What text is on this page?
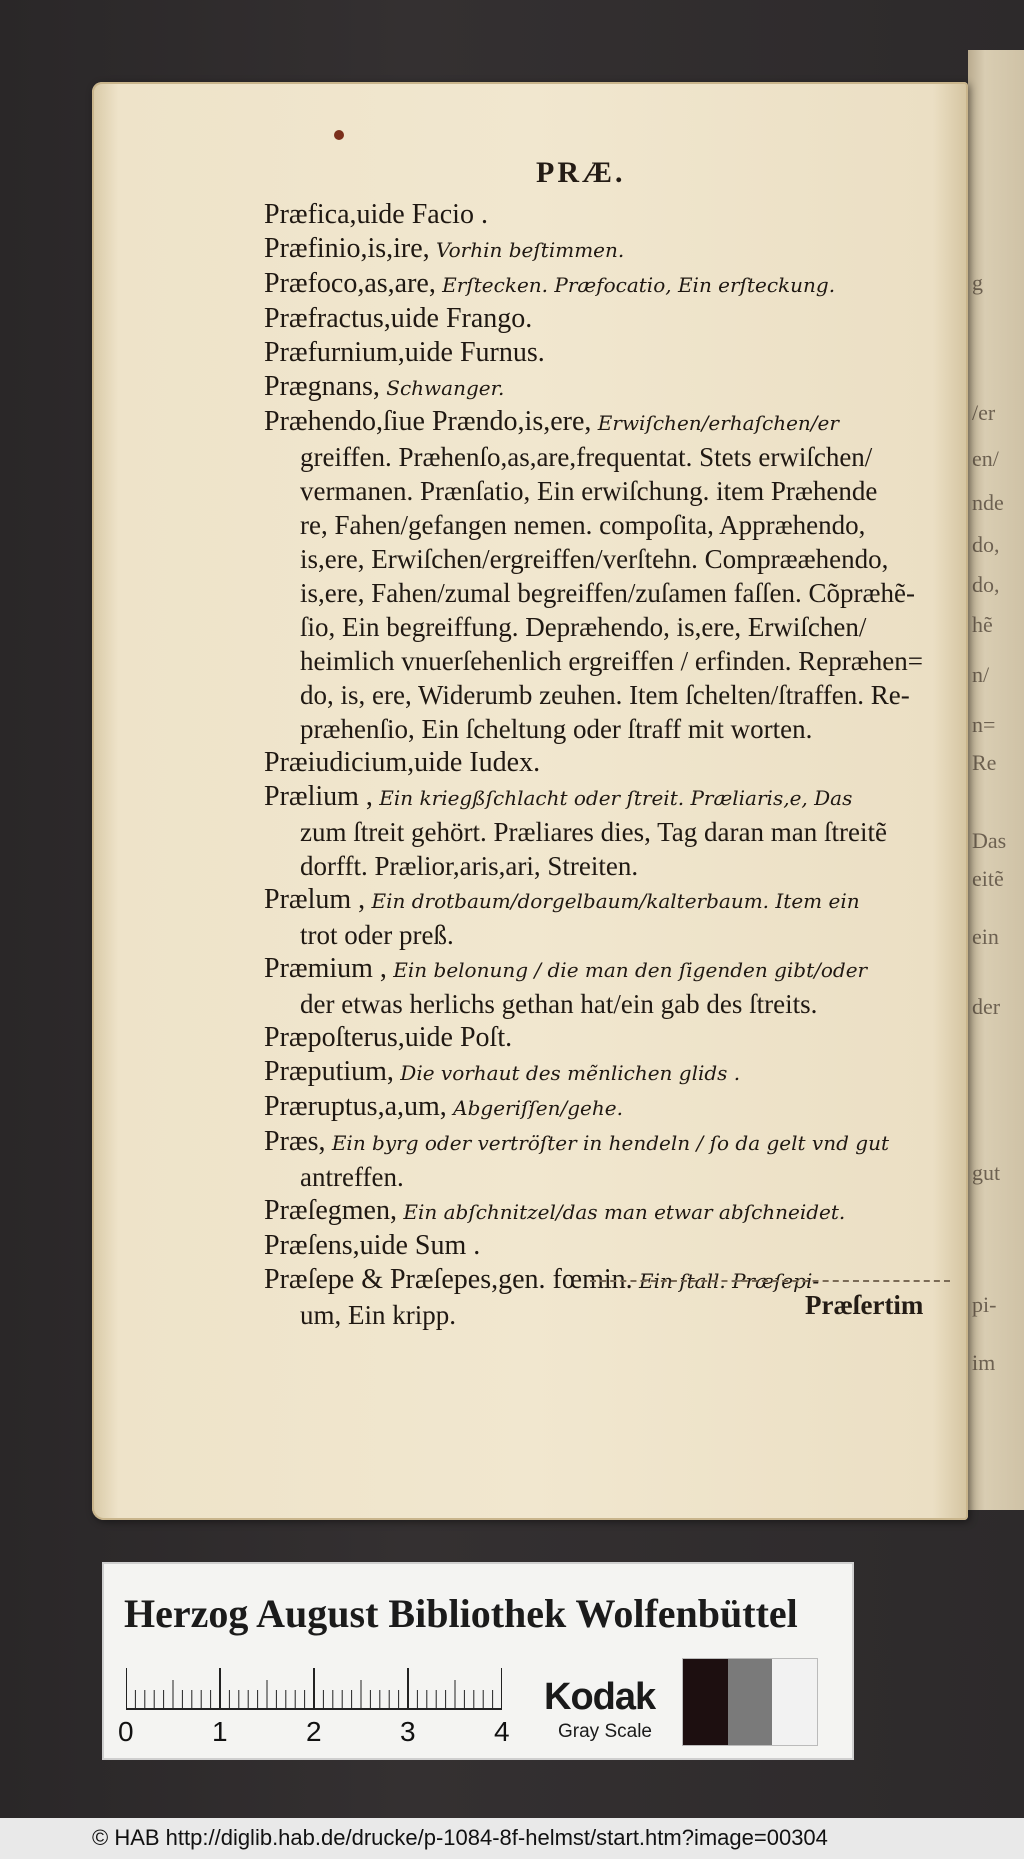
g
/er
en/
nde
do,
do,
hẽ
n/
n=
Re
Das
eitẽ
ein
der
gut
pi-
im
PRÆ.
Præfica,uide Facio .
Præfinio,is,ire, Vorhin beſtimmen.
Præfoco,as,are, Erſtecken. Præfocatio, Ein erſteckung.
Præfractus,uide Frango.
Præfurnium,uide Furnus.
Prægnans, Schwanger.
Præhendo,ſiue Prændo,is,ere, Erwiſchen/erhaſchen/er
greiffen. Præhenſo,as,are,frequentat. Stets erwiſchen/
vermanen. Prænſatio, Ein erwiſchung. item Præhende
re, Fahen/gefangen nemen. compoſita, Appræhendo,
is,ere, Erwiſchen/ergreiffen/verſtehn. Comprææhendo,
is,ere, Fahen/zumal begreiffen/zuſamen faſſen. Cõpræhẽ-
ſio, Ein begreiffung. Depræhendo, is,ere, Erwiſchen/
heimlich vnuerſehenlich ergreiffen / erfinden. Repræhen=
do, is, ere, Widerumb zeuhen. Item ſchelten/ſtraffen. Re-
præhenſio, Ein ſcheltung oder ſtraff mit worten.
Præiudicium,uide Iudex.
Prælium , Ein kriegßſchlacht oder ſtreit. Præliaris,e, Das
zum ſtreit gehört. Præliares dies, Tag daran man ſtreitẽ
dorfft. Prælior,aris,ari, Streiten.
Prælum , Ein drotbaum/dorgelbaum/kalterbaum. Item ein
trot oder preß.
Præmium , Ein belonung / die man den ſigenden gibt/oder
der etwas herlichs gethan hat/ein gab des ſtreits.
Præpoſterus,uide Poſt.
Præputium, Die vorhaut des mẽnlichen glids .
Præruptus,a,um, Abgeriſſen/gehe.
Præs, Ein byrg oder vertröſter in hendeln / ſo da gelt vnd gut
antreffen.
Præſegmen, Ein abſchnitzel/das man etwar abſchneidet.
Præſens,uide Sum .
Præſepe & Præſepes,gen. fœmin. Ein ſtall. Præſepi-
um, Ein kripp.	Præſertim
Herzog August Bibliothek Wolfenbüttel
0	1	2	3	4
Kodak
Gray Scale
© HAB http://diglib.hab.de/drucke/p-1084-8f-helmst/start.htm?image=00304
